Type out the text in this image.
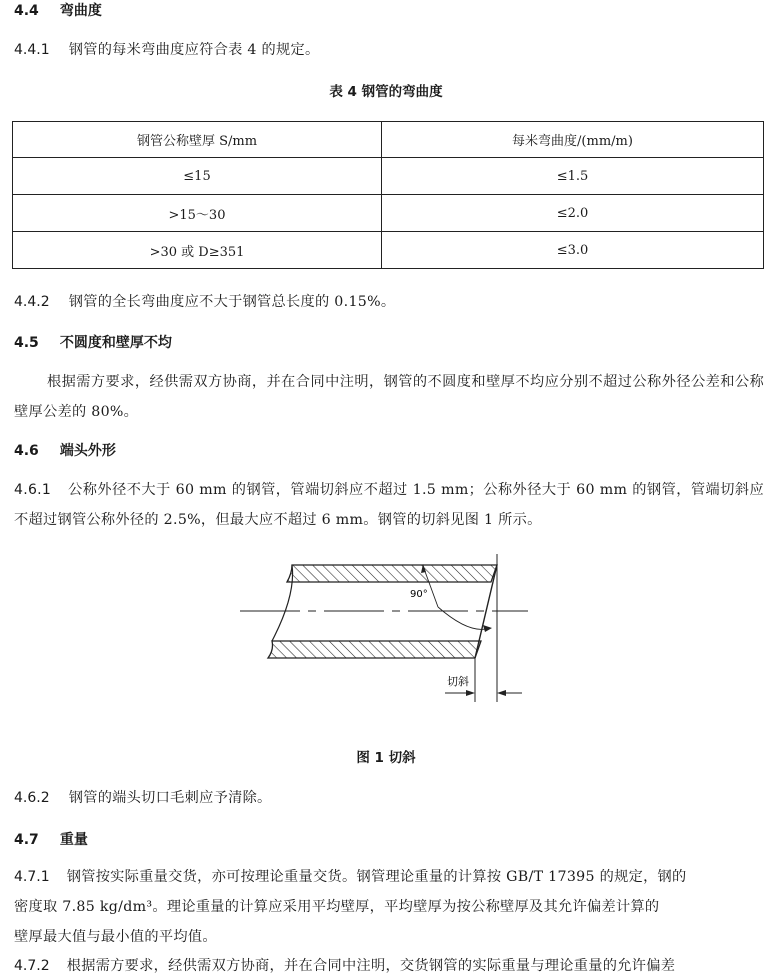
4.4 弯曲度
4.4.1 钢管的每米弯曲度应符合表 4 的规定。
表 4 钢管的弯曲度
钢管公称壁厚 S/mm	每米弯曲度/(mm/m)
≤15	≤1.5
>15～30	≤2.0
>30 或 D≥351	≤3.0
4.4.2 钢管的全长弯曲度应不大于钢管总长度的 0.15%。
4.5 不圆度和壁厚不均
根据需方要求，经供需双方协商，并在合同中注明，钢管的不圆度和壁厚不均应分别不超过公称外径公差和公称壁厚公差的 80%。
4.6 端头外形
4.6.1 公称外径不大于 60 mm 的钢管，管端切斜应不超过 1.5 mm；公称外径大于 60 mm 的钢管，管端切斜应不超过钢管公称外径的 2.5%，但最大应不超过 6 mm。钢管的切斜见图 1 所示。
90°
切斜
图 1 切斜
4.6.2 钢管的端头切口毛刺应予清除。
4.7 重量
4.7.1 钢管按实际重量交货，亦可按理论重量交货。钢管理论重量的计算按 GB/T 17395 的规定，钢的
密度取 7.85 kg/dm³。理论重量的计算应采用平均壁厚，平均壁厚为按公称壁厚及其允许偏差计算的
壁厚最大值与最小值的平均值。
4.7.2 根据需方要求，经供需双方协商，并在合同中注明，交货钢管的实际重量与理论重量的允许偏差
